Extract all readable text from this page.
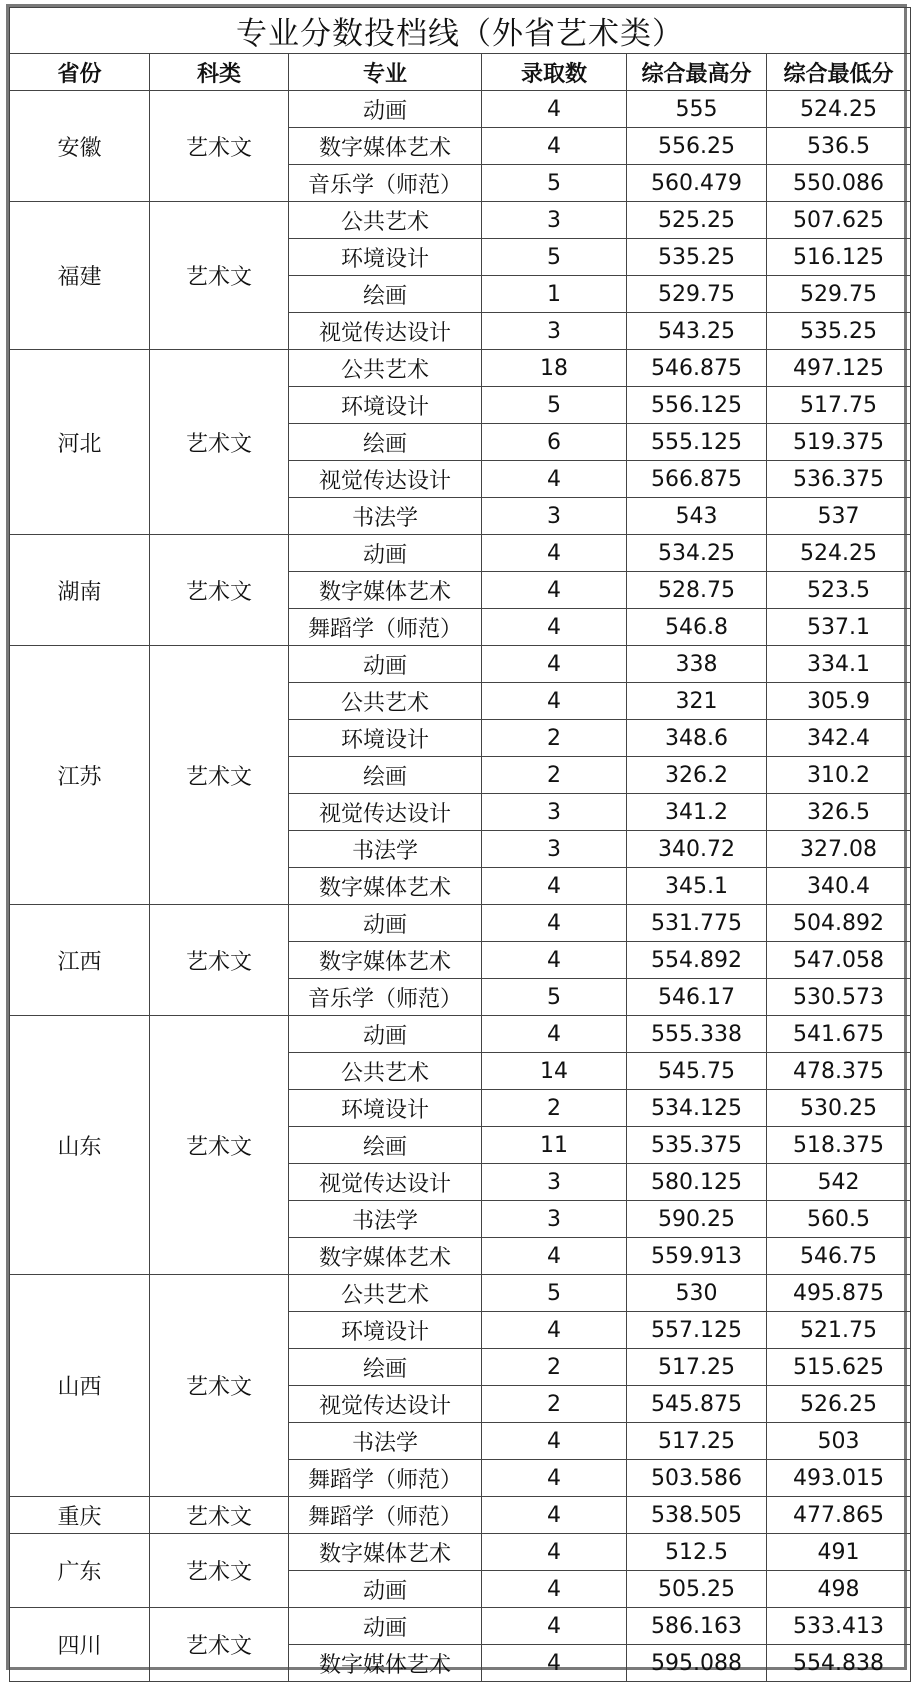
专业分数投档线（外省艺术类）					
省份	科类	专业	录取数	综合最高分	综合最低分
安徽	艺术文	动画	4	555	524.25
		数字媒体艺术	4	556.25	536.5
		音乐学（师范）	5	560.479	550.086
福建	艺术文	公共艺术	3	525.25	507.625
		环境设计	5	535.25	516.125
		绘画	1	529.75	529.75
		视觉传达设计	3	543.25	535.25
河北	艺术文	公共艺术	18	546.875	497.125
		环境设计	5	556.125	517.75
		绘画	6	555.125	519.375
		视觉传达设计	4	566.875	536.375
		书法学	3	543	537
湖南	艺术文	动画	4	534.25	524.25
		数字媒体艺术	4	528.75	523.5
		舞蹈学（师范）	4	546.8	537.1
江苏	艺术文	动画	4	338	334.1
		公共艺术	4	321	305.9
		环境设计	2	348.6	342.4
		绘画	2	326.2	310.2
		视觉传达设计	3	341.2	326.5
		书法学	3	340.72	327.08
		数字媒体艺术	4	345.1	340.4
江西	艺术文	动画	4	531.775	504.892
		数字媒体艺术	4	554.892	547.058
		音乐学（师范）	5	546.17	530.573
山东	艺术文	动画	4	555.338	541.675
		公共艺术	14	545.75	478.375
		环境设计	2	534.125	530.25
		绘画	11	535.375	518.375
		视觉传达设计	3	580.125	542
		书法学	3	590.25	560.5
		数字媒体艺术	4	559.913	546.75
山西	艺术文	公共艺术	5	530	495.875
		环境设计	4	557.125	521.75
		绘画	2	517.25	515.625
		视觉传达设计	2	545.875	526.25
		书法学	4	517.25	503
		舞蹈学（师范）	4	503.586	493.015
重庆	艺术文	舞蹈学（师范）	4	538.505	477.865
广东	艺术文	数字媒体艺术	4	512.5	491
		动画	4	505.25	498
四川	艺术文	动画	4	586.163	533.413
		数字媒体艺术	4	595.088	554.838
